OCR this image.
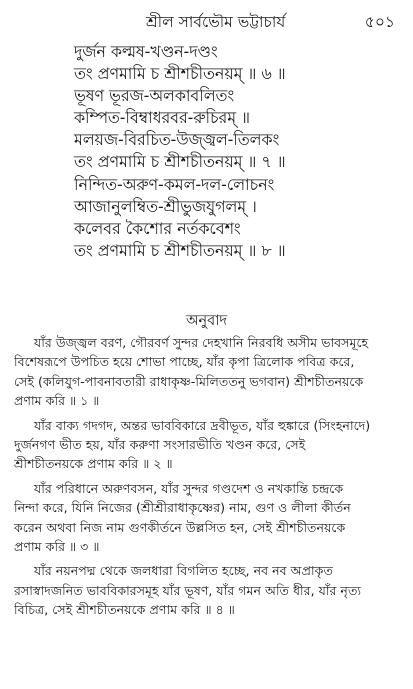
শ্রীল সার্বভৌম ভট্টাচার্য	৫০১
দুর্জন কল্মষ-খণ্ডন-দণ্ডং
তং প্রণমামি চ শ্রীশচীতনয়ম্ ॥ ৬ ॥
ভূষণ ভূরজ-অলকাবলিতং
কম্পিত-বিম্বাধরবর-রুচিরম্ ॥
মলয়জ-বিরচিত-উজ্জ্বল-তিলকং
তং প্রণমামি চ শ্রীশচীতনয়ম্ ॥ ৭ ॥
নিন্দিত-অরুণ-কমল-দল-লোচনং
আজানুলম্বিত-শ্রীভুজযুগলম্ ।
কলেবর কৈশোর নর্তকবেশং
তং প্রণমামি চ শ্রীশচীতনয়ম্ ॥ ৮ ॥
অনুবাদ

যাঁর উজ্জ্বল বরণ, গৌরবর্ণ সুন্দর দেহখানি নিরবধি অসীম ভাবসমূহে
বিশেষরূপে উপচিত হয়ে শোভা পাচ্ছে, যাঁর কৃপা ত্রিলোক পবিত্র করে,
সেই (কলিযুগ-পাবনাবতারী রাধাকৃষ্ণ-মিলিততনু ভগবান) শ্রীশচীতনয়কে
প্রণাম করি ॥ ১ ॥

যাঁর বাক্য গদগদ, অন্তর ভাববিকারে দ্রবীভূত, যাঁর হুঙ্কারে (সিংহনাদে)
দুর্জনগণ ভীত হয়, যাঁর করুণা সংসারভীতি খণ্ডন করে, সেই
শ্রীশচীতনয়কে প্রণাম করি ॥ ২ ॥

যাঁর পরিধানে অরুণবসন, যাঁর সুন্দর গণ্ডদেশ ও নখকান্তি চন্দ্রকে
নিন্দা করে, যিনি নিজের (শ্রীশ্রীরাধাকৃষ্ণের) নাম, গুণ ও লীলা কীর্তন
করেন অথবা নিজ নাম গুণকীর্তনে উল্লসিত হন, সেই শ্রীশচীতনয়কে
প্রণাম করি ॥ ৩ ॥

যাঁর নয়নপদ্ম থেকে জলধারা বিগলিত হচ্ছে, নব নব অপ্রাকৃত
রসাস্বাদজনিত ভাববিকারসমূহ যাঁর ভূষণ, যাঁর গমন অতি ধীর, যাঁর নৃত্য
বিচিত্র, সেই শ্রীশচীতনয়কে প্রণাম করি ॥ ৪ ॥
